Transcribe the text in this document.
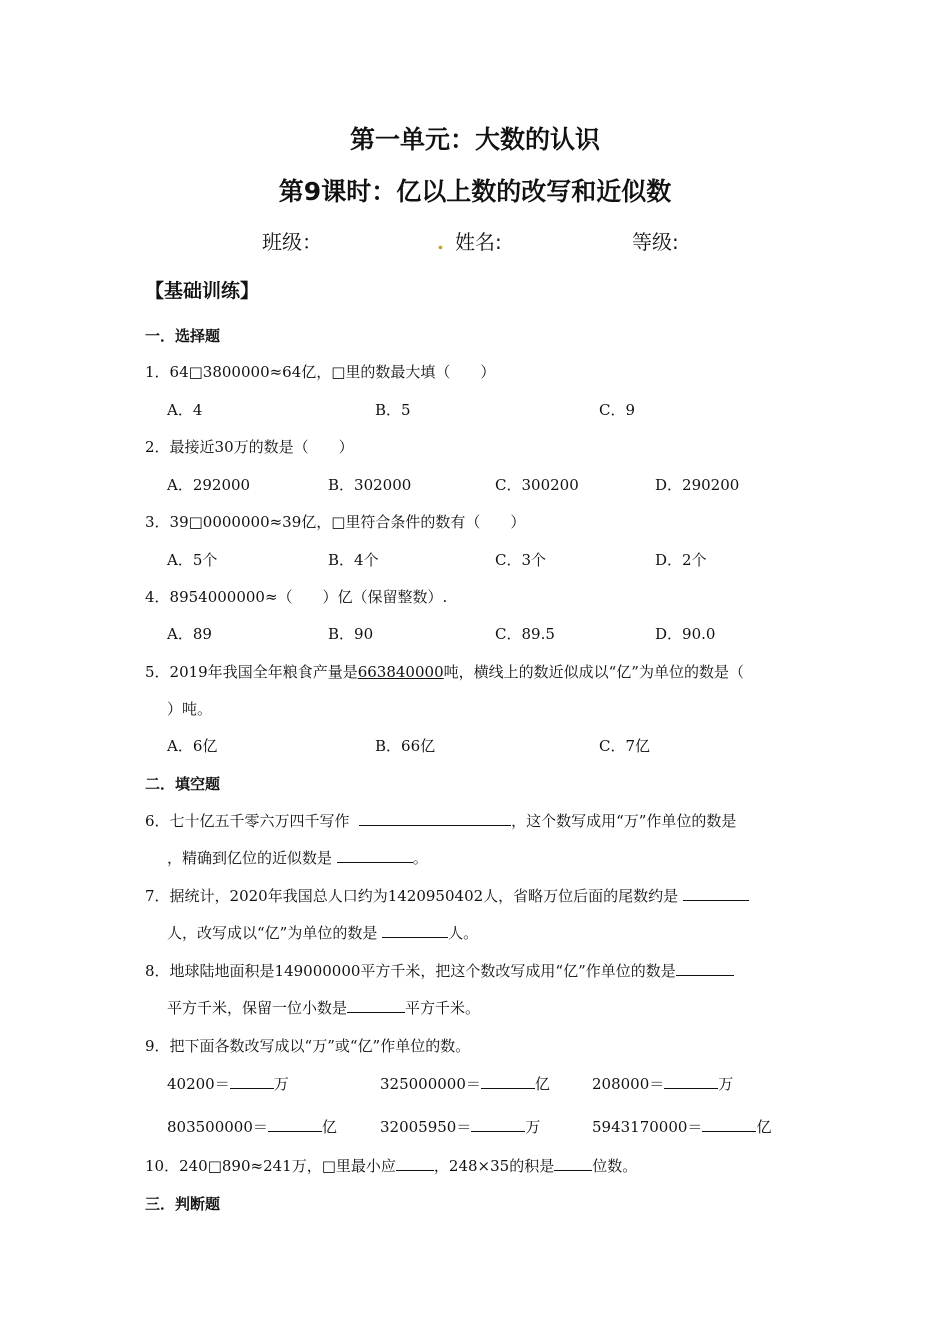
第一单元：大数的认识
第9课时：亿以上数的改写和近似数
班级：	. 姓名:	等级:
【基础训练】
一．选择题
1．64□3800000≈64亿，□里的数最大填（　　）
A．4	B．5	C．9
2．最接近30万的数是（　　）
A．292000	B．302000	C．300200	D．290200
3．39□0000000≈39亿，□里符合条件的数有（　　）
A．5个	B．4个	C．3个	D．2个
4．8954000000≈（　　）亿（保留整数）.
A．89	B．90	C．89.5	D．90.0
5．2019年我国全年粮食产量是663840000吨，横线上的数近似成以“亿”为单位的数是（
）吨。
A．6亿	B．66亿	C．7亿
二．填空题
6．七十亿五千零六万四千写作	，这个数写成用“万”作单位的数是
，精确到亿位的近似数是	。
7．据统计，2020年我国总人口约为1420950402人，省略万位后面的尾数约是
人，改写成以“亿”为单位的数是	人。
8．地球陆地面积是149000000平方千米，把这个数改写成用“亿”作单位的数是
平方千米，保留一位小数是	平方千米。
9．把下面各数改写成以“万”或“亿”作单位的数。
40200＝	万	325000000＝	亿	208000＝	万
803500000＝	亿	32005950＝	万	5943170000＝	亿
10．240□890≈241万，□里最小应	，248×35的积是	位数。
三．判断题
